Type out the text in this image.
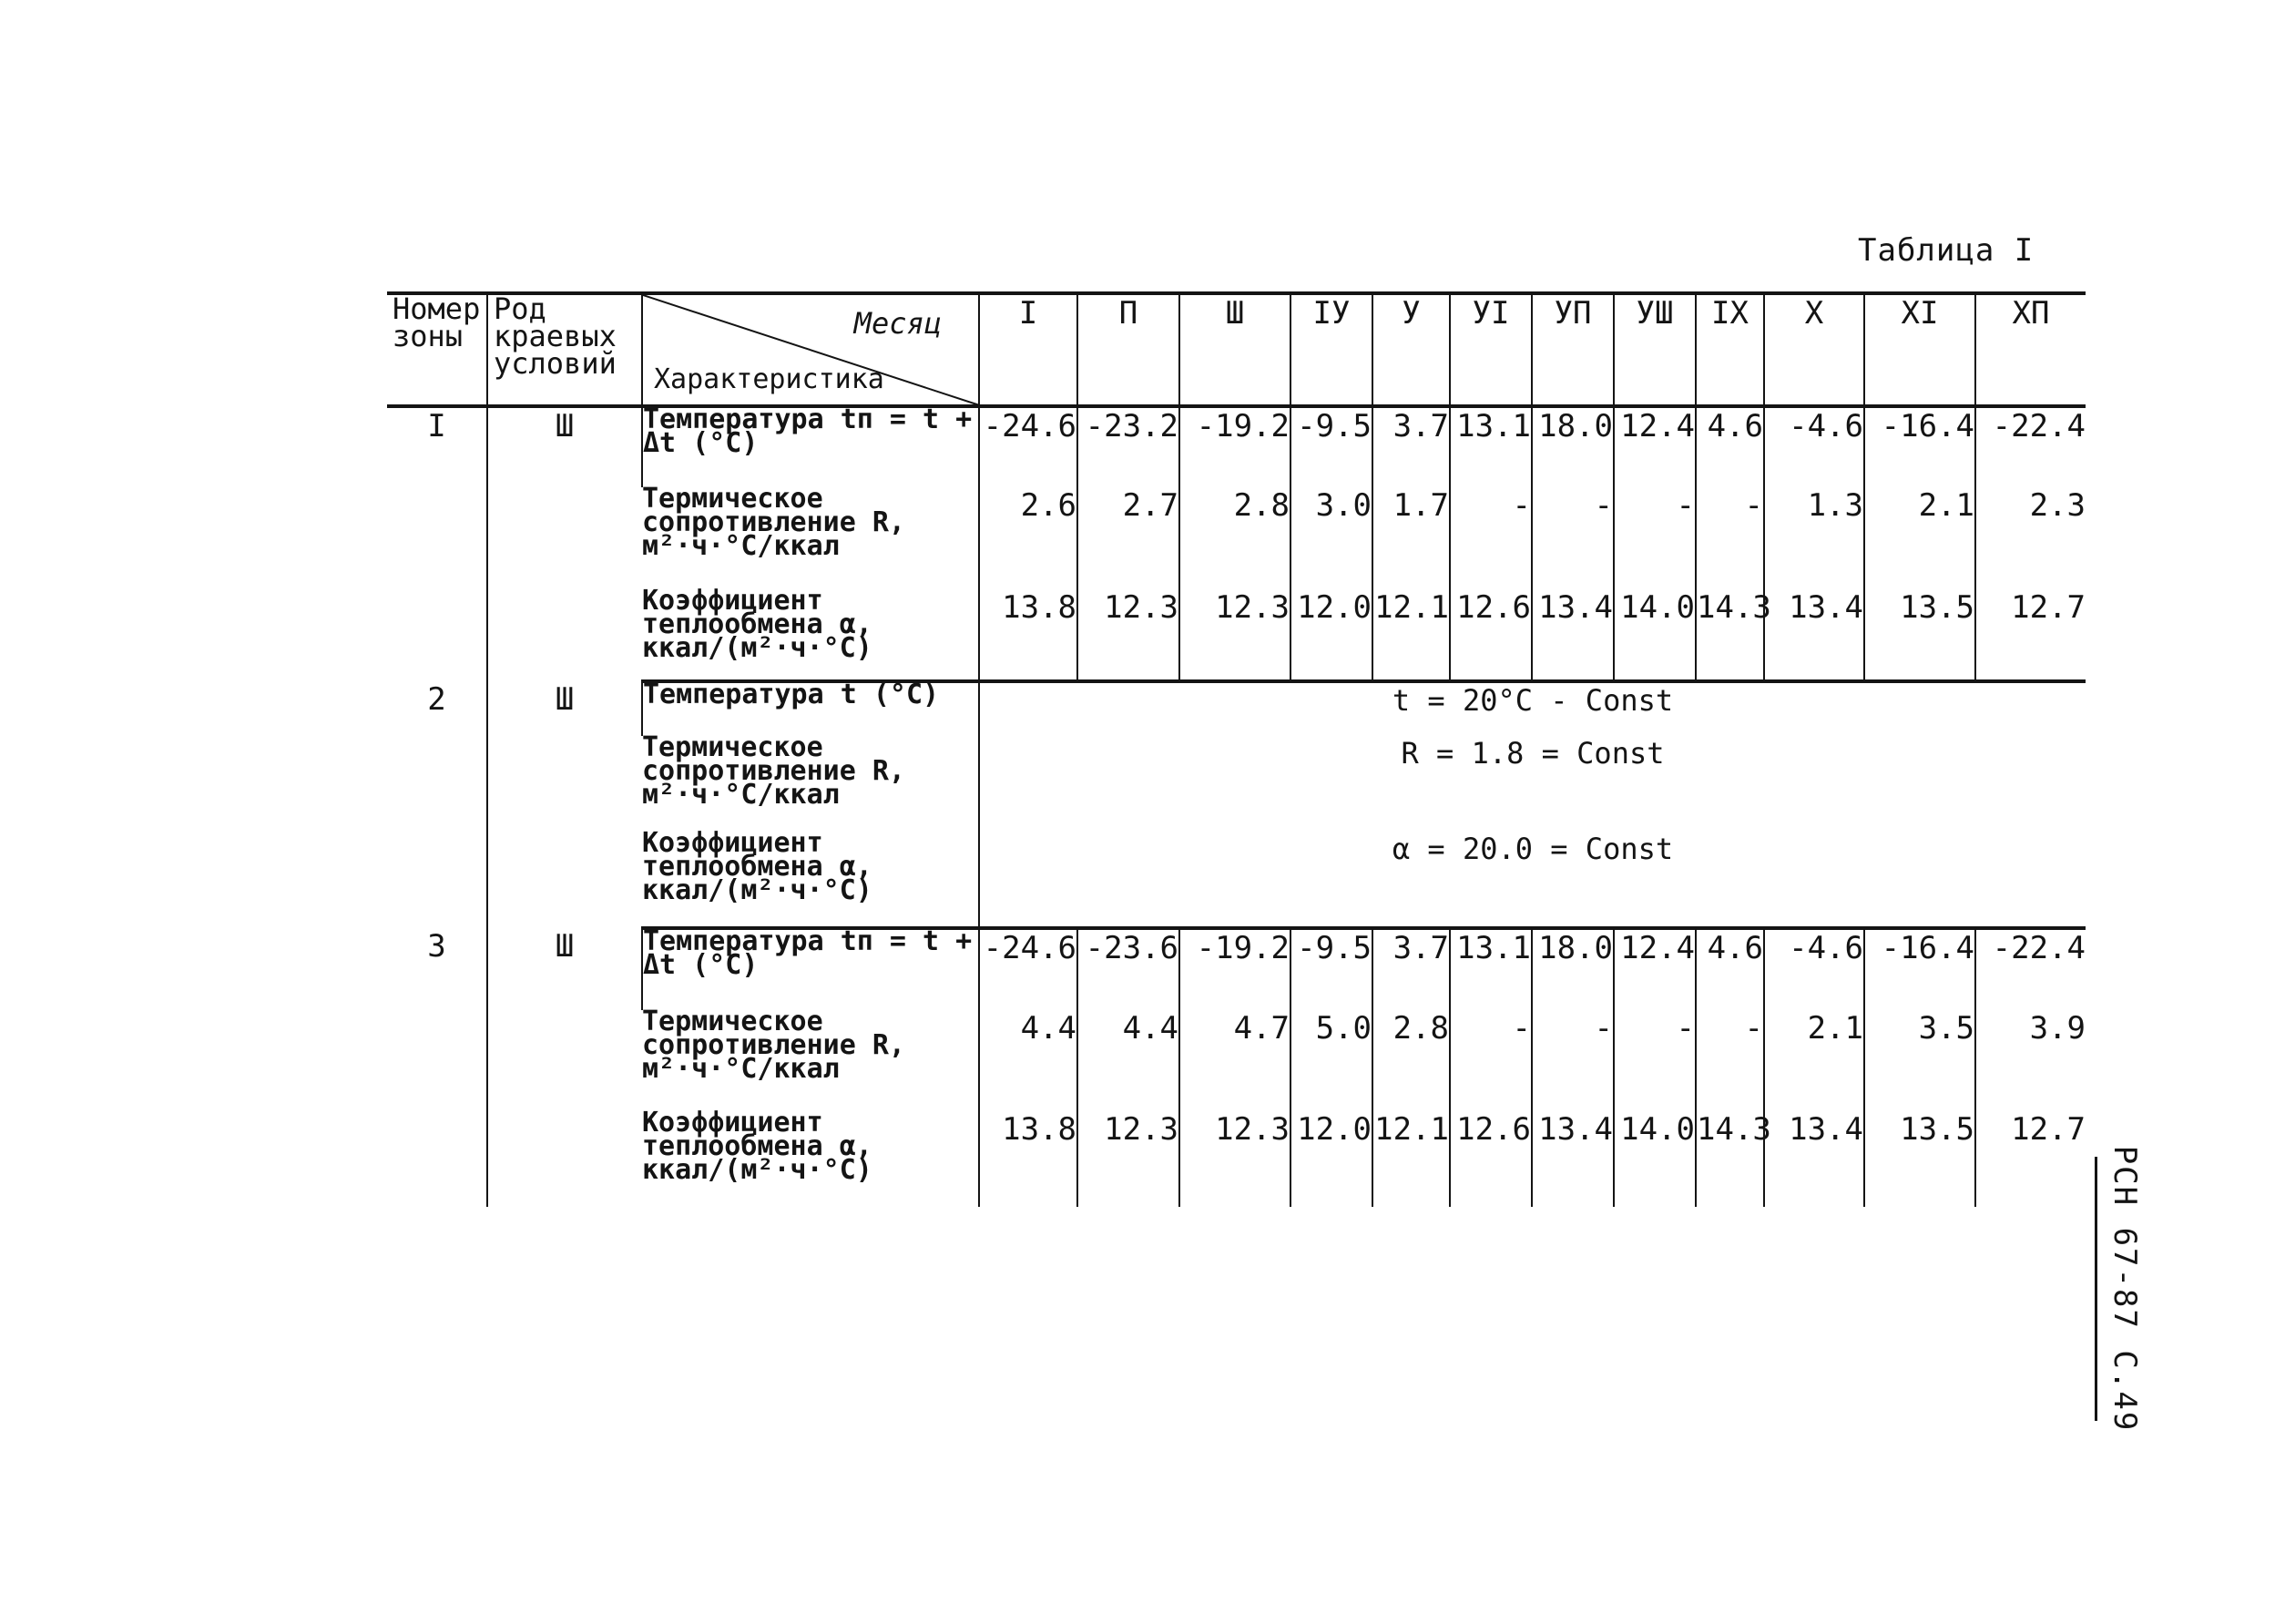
Таблица I
Номер зоны	Род краевых условий	Месяц
Характеристика	I	П	Ш	IУ	У	УI	УП	УШ	IХ	Х	ХI	ХП
I	Ш	Температура tп = t + Δt (°С)	-24.6	-23.2	-19.2	-9.5	3.7	13.1	18.0	12.4	4.6	-4.6	-16.4	-22.4
		Термическое сопротивление R, м²·ч·°С/ккал	2.6	2.7	2.8	3.0	1.7	-	-	-	-	1.3	2.1	2.3
		Коэффициент теплообмена α, ккал/(м²·ч·°С)	13.8	12.3	12.3	12.0	12.1	12.6	13.4	14.0	14.3	13.4	13.5	12.7
2	Ш	Температура t (°С)	t = 20°С - Const											
		Термическое сопротивление R, м²·ч·°С/ккал	R = 1.8 = Const											
		Коэффициент теплообмена α, ккал/(м²·ч·°С)	α = 20.0 = Const											
3	Ш	Температура tп = t + Δt (°С)	-24.6	-23.6	-19.2	-9.5	3.7	13.1	18.0	12.4	4.6	-4.6	-16.4	-22.4
		Термическое сопротивление R, м²·ч·°С/ккал	4.4	4.4	4.7	5.0	2.8	-	-	-	-	2.1	3.5	3.9
		Коэффициент теплообмена α, ккал/(м²·ч·°С)	13.8	12.3	12.3	12.0	12.1	12.6	13.4	14.0	14.3	13.4	13.5	12.7
РСН 67-87 С.49
